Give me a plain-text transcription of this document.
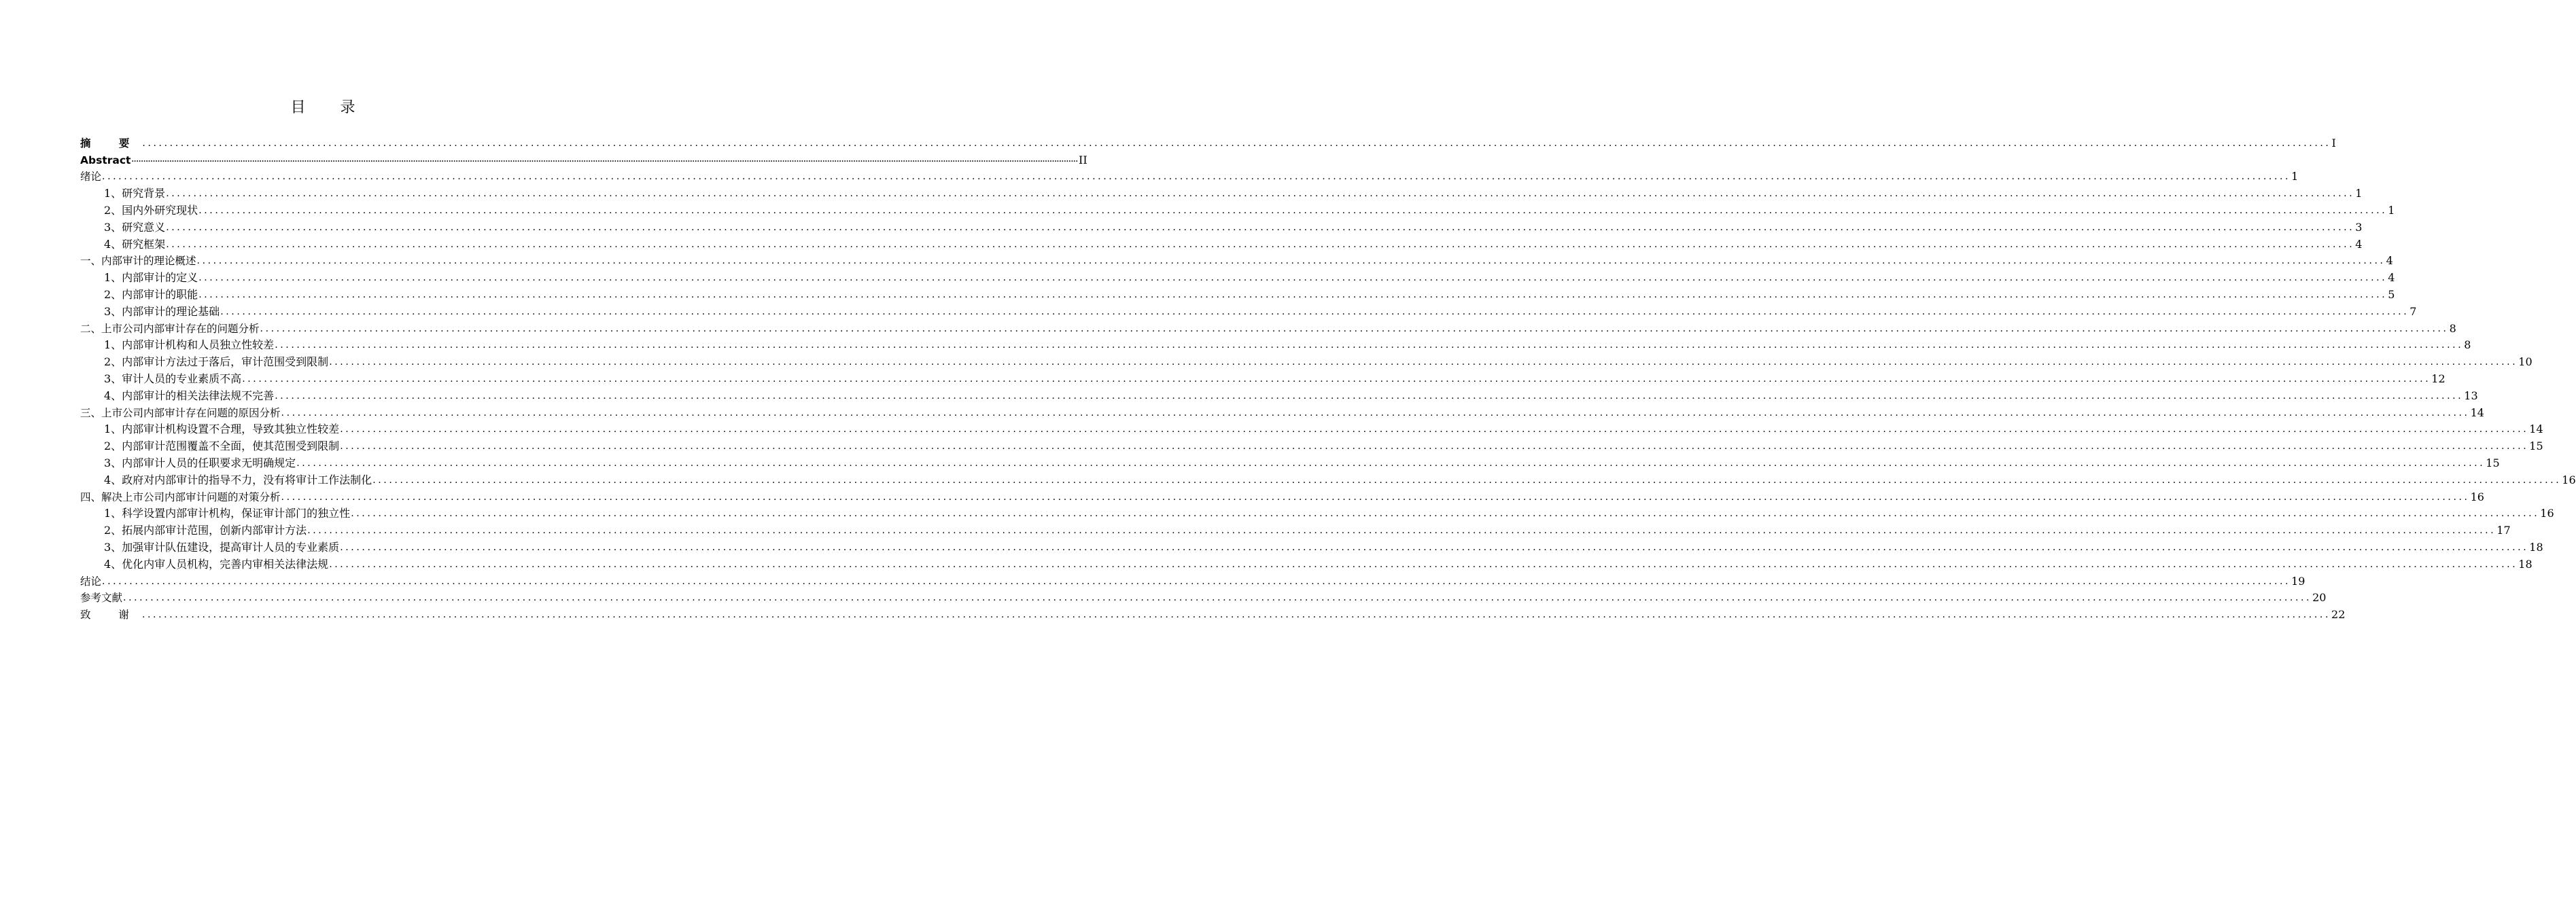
目 录
摘 要 ................................................................................................................................................................................................................................................................................................................................................................................................................ I
Abstract ................................................................................................................................................................................................................................................................................................................................................................................................................ II
绪论 ................................................................................................................................................................................................................................................................................................................................................................................................................ 1
1、研究背景 ................................................................................................................................................................................................................................................................................................................................................................................................................ 1
2、国内外研究现状 ................................................................................................................................................................................................................................................................................................................................................................................................................ 1
3、研究意义 ................................................................................................................................................................................................................................................................................................................................................................................................................ 3
4、研究框架 ................................................................................................................................................................................................................................................................................................................................................................................................................ 4
一、内部审计的理论概述 ................................................................................................................................................................................................................................................................................................................................................................................................................ 4
1、内部审计的定义 ................................................................................................................................................................................................................................................................................................................................................................................................................ 4
2、内部审计的职能 ................................................................................................................................................................................................................................................................................................................................................................................................................ 5
3、内部审计的理论基础 ................................................................................................................................................................................................................................................................................................................................................................................................................ 7
二、上市公司内部审计存在的问题分析 ................................................................................................................................................................................................................................................................................................................................................................................................................ 8
1、内部审计机构和人员独立性较差 ................................................................................................................................................................................................................................................................................................................................................................................................................ 8
2、内部审计方法过于落后，审计范围受到限制 ................................................................................................................................................................................................................................................................................................................................................................................................................ 10
3、审计人员的专业素质不高 ................................................................................................................................................................................................................................................................................................................................................................................................................ 12
4、内部审计的相关法律法规不完善 ................................................................................................................................................................................................................................................................................................................................................................................................................ 13
三、上市公司内部审计存在问题的原因分析 ................................................................................................................................................................................................................................................................................................................................................................................................................ 14
1、内部审计机构设置不合理，导致其独立性较差 ................................................................................................................................................................................................................................................................................................................................................................................................................ 14
2、内部审计范围覆盖不全面，使其范围受到限制 ................................................................................................................................................................................................................................................................................................................................................................................................................ 15
3、内部审计人员的任职要求无明确规定 ................................................................................................................................................................................................................................................................................................................................................................................................................ 15
4、政府对内部审计的指导不力，没有将审计工作法制化 ................................................................................................................................................................................................................................................................................................................................................................................................................ 16
四、解决上市公司内部审计问题的对策分析 ................................................................................................................................................................................................................................................................................................................................................................................................................ 16
1、科学设置内部审计机构，保证审计部门的独立性 ................................................................................................................................................................................................................................................................................................................................................................................................................ 16
2、拓展内部审计范围，创新内部审计方法 ................................................................................................................................................................................................................................................................................................................................................................................................................ 17
3、加强审计队伍建设，提高审计人员的专业素质 ................................................................................................................................................................................................................................................................................................................................................................................................................ 18
4、优化内审人员机构，完善内审相关法律法规 ................................................................................................................................................................................................................................................................................................................................................................................................................ 18
结论 ................................................................................................................................................................................................................................................................................................................................................................................................................ 19
参考文献 ................................................................................................................................................................................................................................................................................................................................................................................................................ 20
致 谢 ................................................................................................................................................................................................................................................................................................................................................................................................................ 22
